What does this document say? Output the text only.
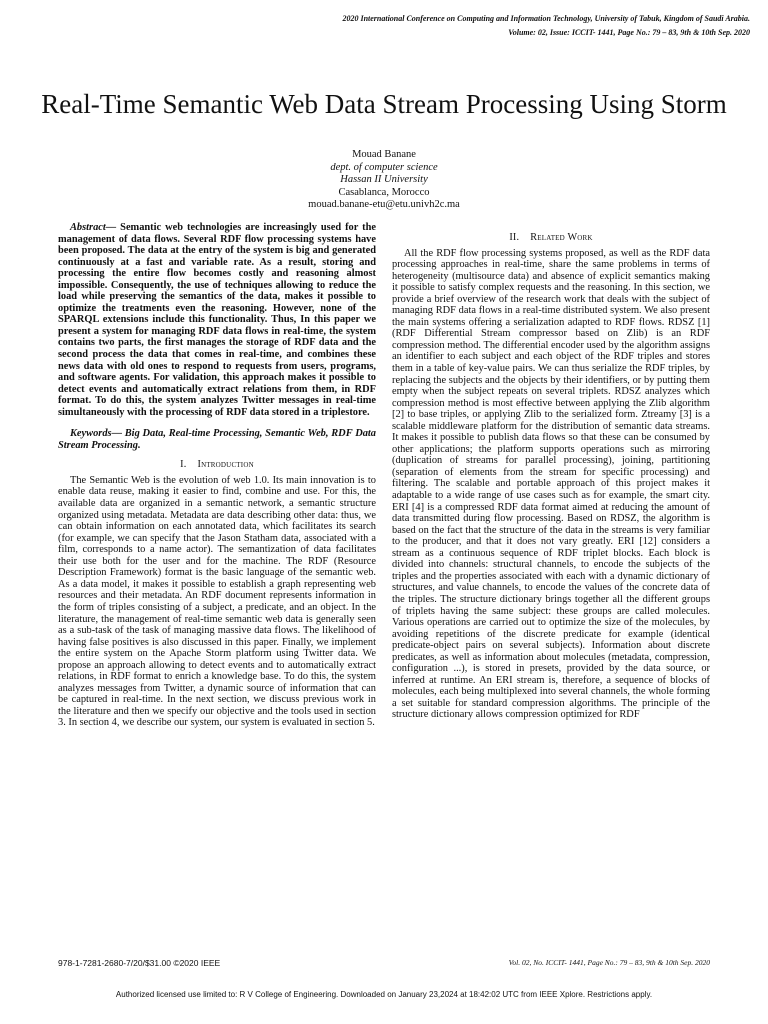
2020 International Conference on Computing and Information Technology, University of Tabuk, Kingdom of Saudi Arabia.
Volume: 02, Issue: ICCIT- 1441, Page No.: 79 – 83, 9th & 10th Sep. 2020
Real-Time Semantic Web Data Stream Processing Using Storm
Mouad Banane
dept. of computer science
Hassan II University
Casablanca, Morocco
mouad.banane-etu@etu.univh2c.ma

Abstract— Semantic web technologies are increasingly used for the management of data flows. Several RDF flow processing systems have been proposed. The data at the entry of the system is big and generated continuously at a fast and variable rate. As a result, storing and processing the entire flow becomes costly and reasoning almost impossible. Consequently, the use of techniques allowing to reduce the load while preserving the semantics of the data, makes it possible to optimize the treatments even the reasoning. However, none of the SPARQL extensions include this functionality. Thus, In this paper we present a system for managing RDF data flows in real-time, the system contains two parts, the first manages the storage of RDF data and the second process the data that comes in real-time, and combines these news data with old ones to respond to requests from users, programs, and software agents. For validation, this approach makes it possible to detect events and automatically extract relations from them, in RDF format. To do this, the system analyzes Twitter messages in real-time simultaneously with the processing of RDF data stored in a triplestore.

Keywords— Big Data, Real-time Processing, Semantic Web, RDF Data Stream Processing.

I. Introduction

The Semantic Web is the evolution of web 1.0. Its main innovation is to enable data reuse, making it easier to find, combine and use. For this, the available data are organized in a semantic network, a semantic structure organized using metadata. Metadata are data describing other data: thus, we can obtain information on each annotated data, which facilitates its search (for example, we can specify that the Jason Statham data, associated with a film, corresponds to a name actor). The semantization of data facilitates their use both for the user and for the machine. The RDF (Resource Description Framework) format is the basic language of the semantic web. As a data model, it makes it possible to establish a graph representing web resources and their metadata. An RDF document represents information in the form of triples consisting of a subject, a predicate, and an object. In the literature, the management of real-time semantic web data is generally seen as a sub-task of the task of managing massive data flows. The likelihood of having false positives is also discussed in this paper. Finally, we implement the entire system on the Apache Storm platform using Twitter data. We propose an approach allowing to detect events and to automatically extract relations, in RDF format to enrich a knowledge base. To do this, the system analyzes messages from Twitter, a dynamic source of information that can be captured in real-time. In the next section, we discuss previous work in the literature and then we specify our objective and the tools used in section 3. In section 4, we describe our system, our system is evaluated in section 5.

II. Related Work

All the RDF flow processing systems proposed, as well as the RDF data processing approaches in real-time, share the same problems in terms of heterogeneity (multisource data) and absence of explicit semantics making it possible to satisfy complex requests and the reasoning. In this section, we provide a brief overview of the research work that deals with the subject of managing RDF data flows in a real-time distributed system. We also present the main systems offering a serialization adapted to RDF flows. RDSZ [1] (RDF Differential Stream compressor based on Zlib) is an RDF compression method. The differential encoder used by the algorithm assigns an identifier to each subject and each object of the RDF triples and stores them in a table of key-value pairs. We can thus serialize the RDF triples, by replacing the subjects and the objects by their identifiers, or by putting them empty when the subject repeats on several triplets. RDSZ analyzes which compression method is most effective between applying the Zlib algorithm [2] to base triples, or applying Zlib to the serialized form. Ztreamy [3] is a scalable middleware platform for the distribution of semantic data streams. It makes it possible to publish data flows so that these can be consumed by other applications; the platform supports operations such as mirroring (duplication of streams for parallel processing), joining, partitioning (separation of elements from the stream for specific processing) and filtering. The scalable and portable approach of this project makes it adaptable to a wide range of use cases such as for example, the smart city. ERI [4] is a compressed RDF data format aimed at reducing the amount of data transmitted during flow processing. Based on RDSZ, the algorithm is based on the fact that the structure of the data in the streams is very familiar to the producer, and that it does not vary greatly. ERI [12] considers a stream as a continuous sequence of RDF triplet blocks. Each block is divided into channels: structural channels, to encode the subjects of the triples and the properties associated with each with a dynamic dictionary of structures, and value channels, to encode the values of the concrete data of the triples. The structure dictionary brings together all the different groups of triplets having the same subject: these groups are called molecules. Various operations are carried out to optimize the size of the molecules, by avoiding repetitions of the discrete predicate for example (identical predicate-object pairs on several subjects). Information about discrete predicates, as well as information about molecules (metadata, compression, configuration ...), is stored in presets, provided by the data source, or inferred at runtime. An ERI stream is, therefore, a sequence of blocks of molecules, each being multiplexed into several channels, the whole forming a set suitable for standard compression algorithms. The principle of the structure dictionary allows compression optimized for RDF

978-1-7281-2680-7/20/$31.00 ©2020 IEEE	Vol. 02, No. ICCIT- 1441, Page No.: 79 – 83, 9th & 10th Sep. 2020
Authorized licensed use limited to: R V College of Engineering. Downloaded on January 23,2024 at 18:42:02 UTC from IEEE Xplore. Restrictions apply.
